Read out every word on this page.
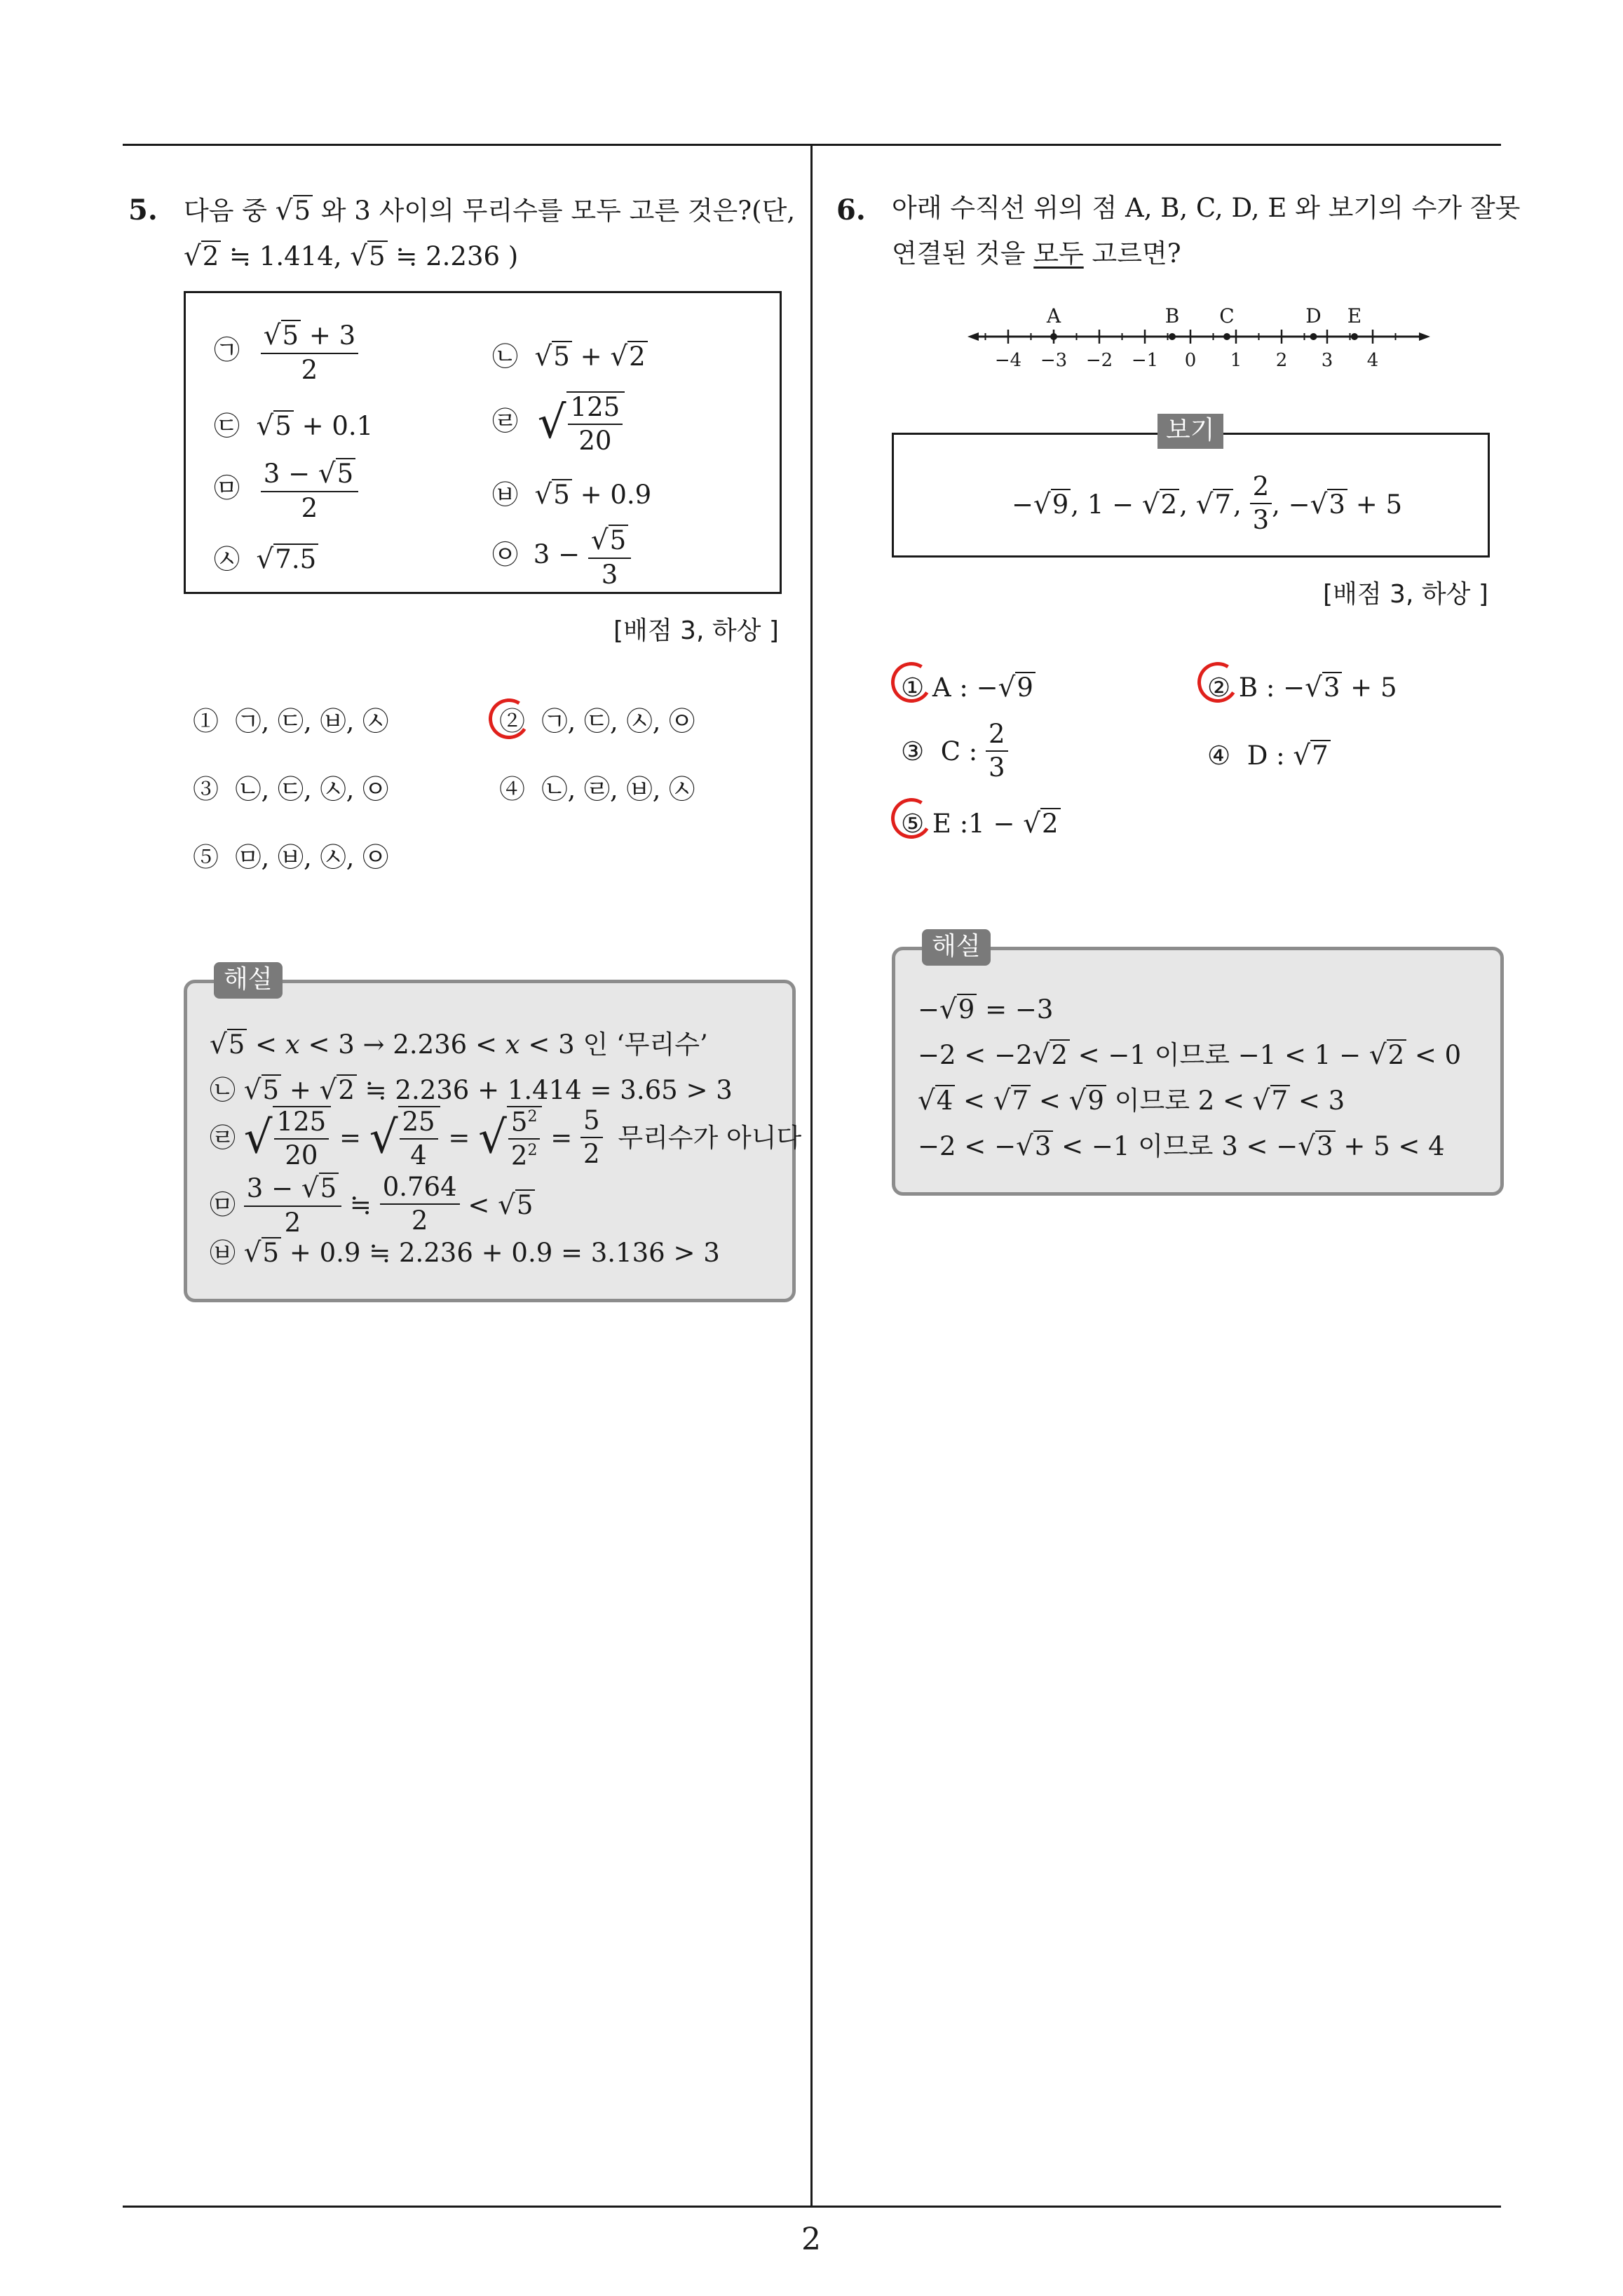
2
5. 다음 중 √5 와 3 사이의 무리수를 모두 고른 것은?(단,
√2 ≒ 1.414, √5 ≒ 2.236 )
㉠ $\frac{√5 + 3}{2}$	㉡  √5 + √2
㉢  √5 + 0.1	㉣ √ $\frac{125}{20}$
㉤ $\frac{3 - √5}{2}$	㉥  √5 + 0.9
㉦  √7.5	㉧ $3 - \frac{√5}{3}$
[배점 3, 하상 ]
① ㉠, ㉢, ㉥, ㉦	② ㉠, ㉢, ㉦, ㉧
③ ㉡, ㉢, ㉦, ㉧	④ ㉡, ㉣, ㉥, ㉦
⑤ ㉤, ㉥, ㉦, ㉧
√5 < x < 3 → 2.236 < x < 3 인 ‘무리수’
㉡ √5 + √2 ≒ 2.236 + 1.414 = 3.65 > 3
㉣ √ $\frac{125}{20}$ = √ $\frac{25}{4}$ = √ $\frac{5^2}{2^2} = \frac{5}{2}$ 무리수가 아니다
㉤ $\frac{3 - √5}{2}$ ≒ $\frac{0.764}{2} < √5$
㉥ √5 + 0.9 ≒ 2.236 + 0.9 = 3.136 > 3
해설
6. 아래 수직선 위의 점 A, B, C, D, E 와 보기의 수가 잘못
연결된 것을 모두 고르면?
−4 −3 −2 −1 0 1 2 3 4
A	B C	D E
−√9, 1 − √2, √7, $\frac{2}{3}$ , −√3 + 5
보기
[배점 3, 하상 ]
① A : −√9	② B : −√3 + 5
③  C : $\frac{2}{3}$	④  D : √7
⑤ E :1 − √2
−√9 = −3
−2 < −2√2 < −1 이므로 −1 < 1 − √2 < 0
√4 < √7 < √9 이므로 2 < √7 < 3
−2 < −√3 < −1 이므로 3 < −√3 + 5 < 4
해설
